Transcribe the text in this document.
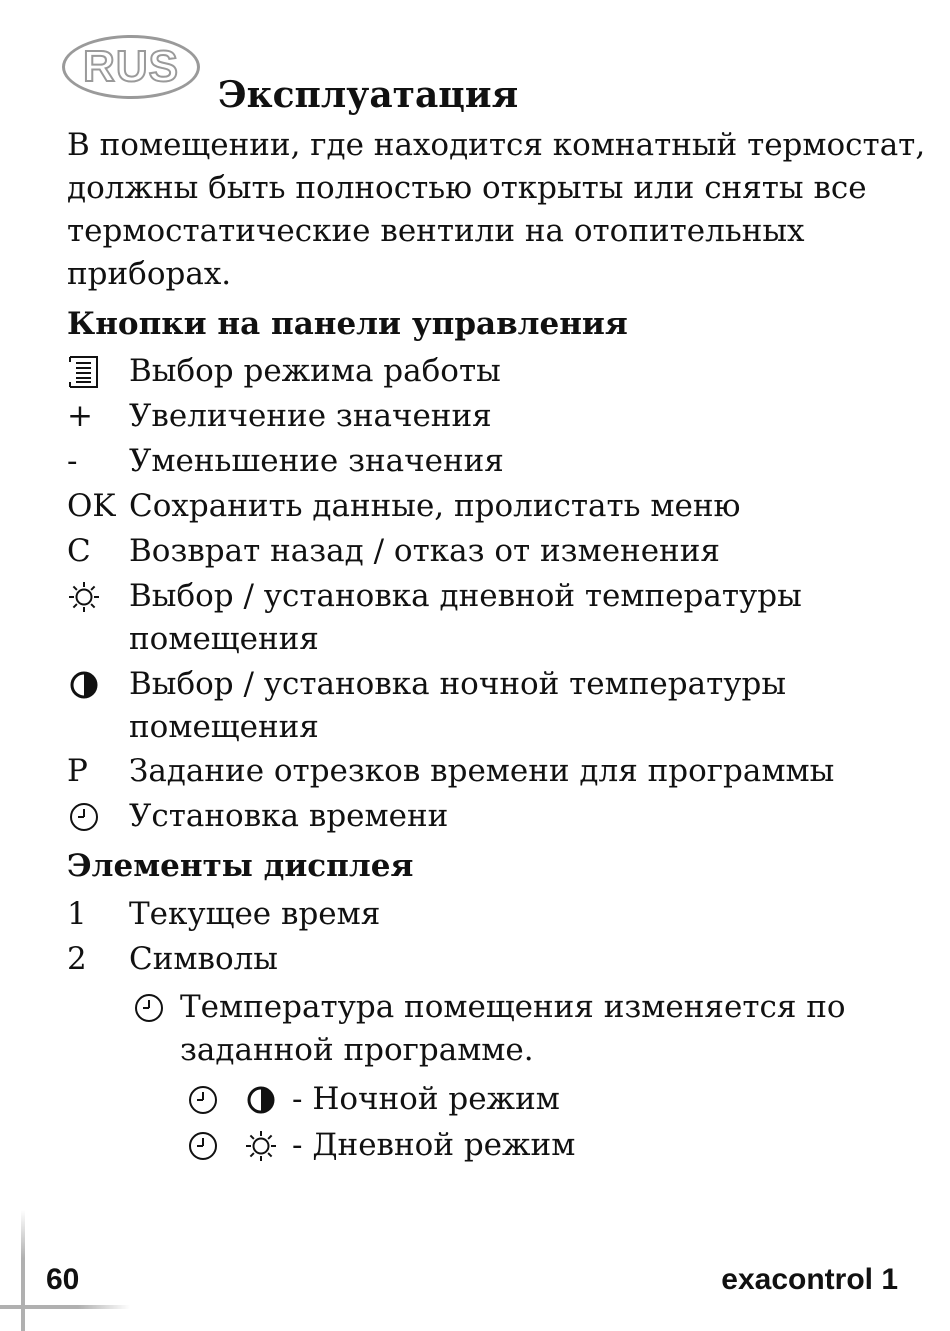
RUS
Эксплуатация

В помещении, где находится комнатный термостат, должны быть полностью открыты или сняты все термостатические вентили на отопительных приборах.

Кнопки на панели управления
Выбор режима работы
+	Увеличение значения
-	Уменьшение значения
OK Сохранить данные, пролистать меню
C	Возврат назад / отказ от изменения
Выбор / установка дневной температуры помещения
Выбор / установка ночной температуры помещения
P	Задание отрезков времени для программы
Установка времени
Элементы дисплея
1	Текущее время
2	Символы
Температура помещения изменяется по заданной программе.
- Ночной режим
- Дневной режим
60	exacontrol 1
